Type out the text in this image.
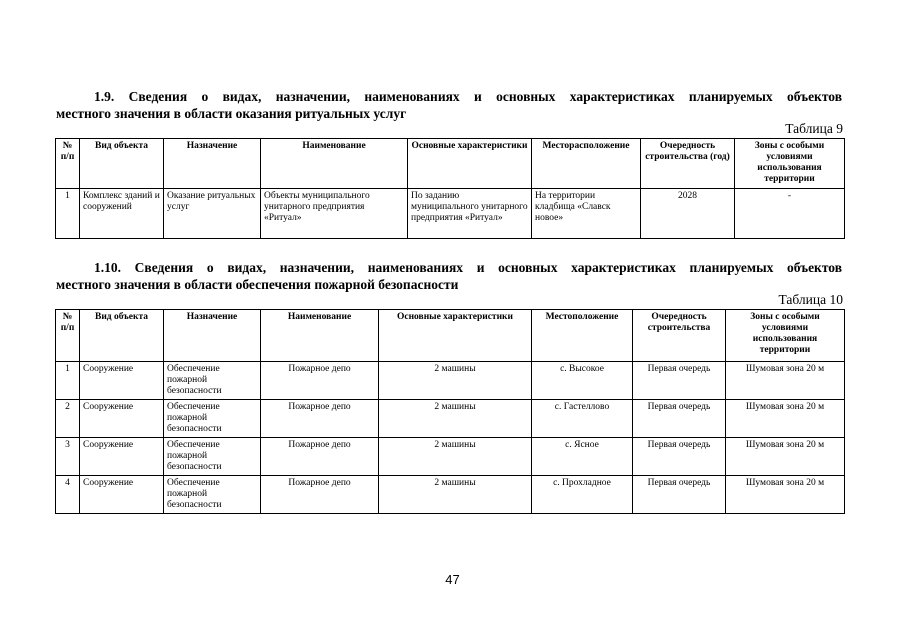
1.9. Сведения о видах, назначении, наименованиях и основных характеристиках планируемых объектов
местного значения в области оказания ритуальных услуг
Таблица 9
№ п/п	Вид объекта	Назначение	Наименование	Основные характеристики	Месторасположение	Очередность строительства (год)	Зоны с особыми условиями использования территории
1	Комплекс зданий и сооружений	Оказание ритуальных услуг	Объекты муниципального унитарного предприятия «Ритуал»	По заданию муниципального унитарного предприятия «Ритуал»	На территории кладбища «Славск новое»	2028	-
1.10. Сведения о видах, назначении, наименованиях и основных характеристиках планируемых объектов
местного значения в области обеспечения пожарной безопасности
Таблица 10
№ п/п	Вид объекта	Назначение	Наименование	Основные характеристики	Местоположение	Очередность строительства	Зоны с особыми условиями использования территории
1	Сооружение	Обеспечение пожарной безопасности	Пожарное депо	2 машины	с. Высокое	Первая очередь	Шумовая зона 20 м
2	Сооружение	Обеспечение пожарной безопасности	Пожарное депо	2 машины	с. Гастеллово	Первая очередь	Шумовая зона 20 м
3	Сооружение	Обеспечение пожарной безопасности	Пожарное депо	2 машины	с. Ясное	Первая очередь	Шумовая зона 20 м
4	Сооружение	Обеспечение пожарной безопасности	Пожарное депо	2 машины	с. Прохладное	Первая очередь	Шумовая зона 20 м
47
